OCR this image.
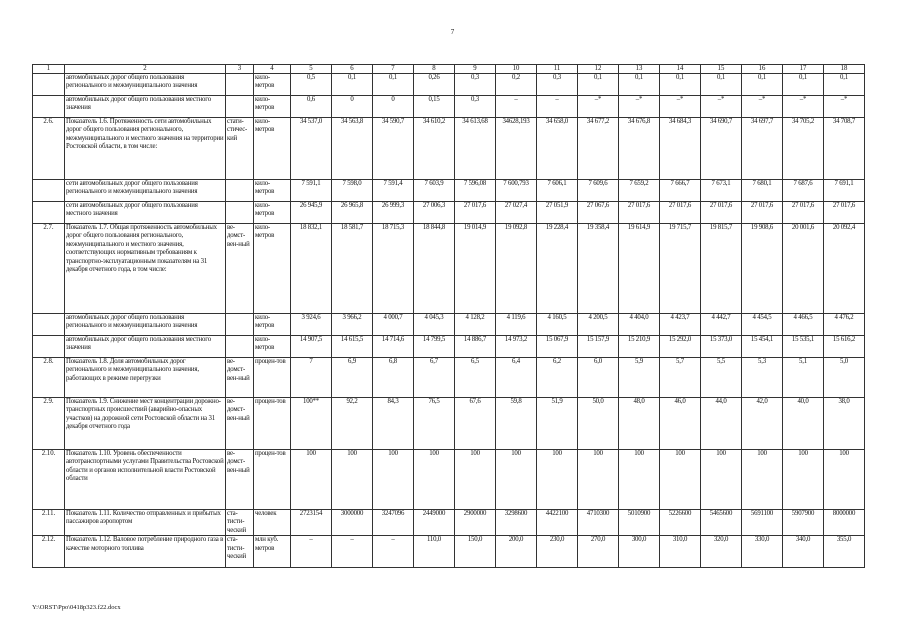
7
1	2	3	4	5	6	7	8	9	10	11	12	13	14	15	16	17	18
	автомобильных дорог общего пользования регионального и межмуниципального значения		кило-метров	0,5	0,1	0,1	0,26	0,3	0,2	0,3	0,1	0,1	0,1	0,1	0,1	0,1	0,1
	автомобильных дорог общего пользования местного значения		кило-метров	0,6	0	0	0,15	0,3	–	–	–*	–*	–*	–*	–*	–*	–*
2.6.	Показатель 1.6. Протяженность сети автомобильных дорог общего пользования регионального, межмуниципального и местного значения на территории Ростовской области, в том числе:	стати-стичес-кий	кило-метров	34 537,0	34 563,8	34 590,7	34 610,2	34 613,68	34628,193	34 658,0	34 677,2	34 676,8	34 684,3	34 690,7	34 697,7	34 705,2	34 708,7
	сети автомобильных дорог общего пользования регионального и межмуниципального значения		кило-метров	7 591,1	7 598,0	7 591,4	7 603,9	7 596,08	7 600,793	7 606,1	7 609,6	7 659,2	7 666,7	7 673,1	7 680,1	7 687,6	7 691,1
	сети автомобильных дорог общего пользования местного значения		кило-метров	26 945,9	26 965,8	26 999,3	27 006,3	27 017,6	27 027,4	27 051,9	27 067,6	27 017,6	27 017,6	27 017,6	27 017,6	27 017,6	27 017,6
2.7.	Показатель 1.7. Общая протяженность автомобильных дорог общего пользования регионального, межмуниципального и местного значения, соответствующих нормативным требованиям к транспортно-эксплуатационным показателям на 31 декабря отчетного года, в том числе:	ве-домст-вен-ный	кило-метров	18 832,1	18 581,7	18 715,3	18 844,8	19 014,9	19 092,8	19 228,4	19 358,4	19 614,9	19 715,7	19 815,7	19 908,6	20 001,6	20 092,4
	автомобильных дорог общего пользования регионального и межмуниципального значения		кило-метров	3 924,6	3 966,2	4 000,7	4 045,3	4 128,2	4 119,6	4 160,5	4 200,5	4 404,0	4 423,7	4 442,7	4 454,5	4 466,5	4 476,2
	автомобильных дорог общего пользования местного значения		кило-метров	14 907,5	14 615,5	14 714,6	14 799,5	14 886,7	14 973,2	15 067,9	15 157,9	15 210,9	15 292,0	15 373,0	15 454,1	15 535,1	15 616,2
2.8.	Показатель 1.8. Доля автомобильных дорог регионального и межмуниципального значения, работающих в режиме перегрузки	ве-домст-вен-ный	процен-тов	7	6,9	6,8	6,7	6,5	6,4	6,2	6,0	5,9	5,7	5,5	5,3	5,1	5,0
2.9.	Показатель 1.9. Снижение мест концентрации дорожно-транспортных происшествий (аварийно-опасных участков) на дорожной сети Ростовской области на 31 декабря отчетного года	ве-домст-вен-ный	процен-тов	100**	92,2	84,3	76,5	67,6	59,8	51,9	50,0	48,0	46,0	44,0	42,0	40,0	38,0
2.10.	Показатель 1.10. Уровень обеспеченности автотранспортными услугами Правительства Ростовской области и органов исполнительной власти Ростовской области	ве-домст-вен-ный	процен-тов	100	100	100	100	100	100	100	100	100	100	100	100	100	100
2.11.	Показатель 1.11. Количество отправленных и прибытых пассажиров аэропортом	ста-тисти-ческий	человек	2723154	3000000	3247096	2449000	2900000	3298600	4422100	4710300	5010900	5226600	5465600	5691100	5907900	8000000
2.12.	Показатель 1.12. Валовое потребление природного газа в качестве моторного топлива	ста-тисти-ческий	млн куб. метров	–	–	–	110,0	150,0	200,0	230,0	270,0	300,0	310,0	320,0	330,0	340,0	355,0
Y:\ORST\Ppo\0418p323.f22.docx
